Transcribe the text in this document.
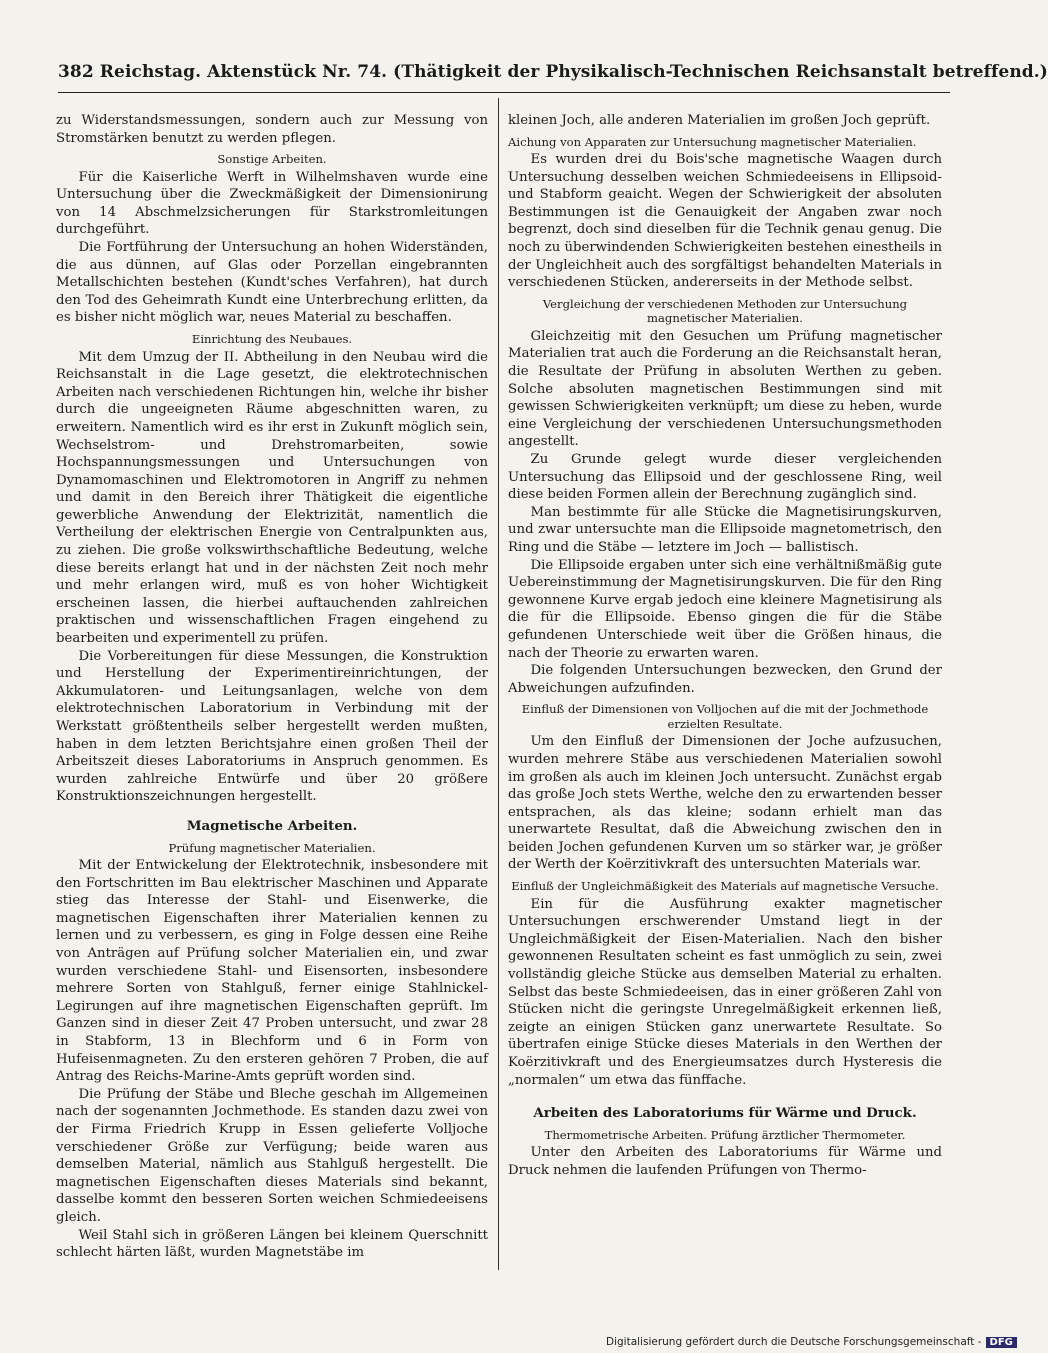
382 Reichstag. Aktenstück Nr. 74. (Thätigkeit der Physikalisch-Technischen Reichsanstalt betreffend.)

zu Widerstandsmessungen, sondern auch zur Messung von Stromstärken benutzt zu werden pflegen.

Sonstige Arbeiten.

Für die Kaiserliche Werft in Wilhelmshaven wurde eine Untersuchung über die Zweckmäßigkeit der Dimensionirung von 14 Abschmelzsicherungen für Starkstromleitungen durchgeführt.

Die Fortführung der Untersuchung an hohen Widerständen, die aus dünnen, auf Glas oder Porzellan eingebrannten Metallschichten bestehen (Kundt'sches Verfahren), hat durch den Tod des Geheimrath Kundt eine Unterbrechung erlitten, da es bisher nicht möglich war, neues Material zu beschaffen.

Einrichtung des Neubaues.

Mit dem Umzug der II. Abtheilung in den Neubau wird die Reichsanstalt in die Lage gesetzt, die elektrotechnischen Arbeiten nach verschiedenen Richtungen hin, welche ihr bisher durch die ungeeigneten Räume abgeschnitten waren, zu erweitern. Namentlich wird es ihr erst in Zukunft möglich sein, Wechselstrom- und Drehstromarbeiten, sowie Hochspannungsmessungen und Untersuchungen von Dynamomaschinen und Elektromotoren in Angriff zu nehmen und damit in den Bereich ihrer Thätigkeit die eigentliche gewerbliche Anwendung der Elektrizität, namentlich die Vertheilung der elektrischen Energie von Centralpunkten aus, zu ziehen. Die große volkswirthschaftliche Bedeutung, welche diese bereits erlangt hat und in der nächsten Zeit noch mehr und mehr erlangen wird, muß es von hoher Wichtigkeit erscheinen lassen, die hierbei auftauchenden zahlreichen praktischen und wissenschaftlichen Fragen eingehend zu bearbeiten und experimentell zu prüfen.

Die Vorbereitungen für diese Messungen, die Konstruktion und Herstellung der Experimentireinrichtungen, der Akkumulatoren- und Leitungsanlagen, welche von dem elektrotechnischen Laboratorium in Verbindung mit der Werkstatt größtentheils selber hergestellt werden mußten, haben in dem letzten Berichtsjahre einen großen Theil der Arbeitszeit dieses Laboratoriums in Anspruch genommen. Es wurden zahlreiche Entwürfe und über 20 größere Konstruktionszeichnungen hergestellt.

Magnetische Arbeiten.
Prüfung magnetischer Materialien.

Mit der Entwickelung der Elektrotechnik, insbesondere mit den Fortschritten im Bau elektrischer Maschinen und Apparate stieg das Interesse der Stahl- und Eisenwerke, die magnetischen Eigenschaften ihrer Materialien kennen zu lernen und zu verbessern, es ging in Folge dessen eine Reihe von Anträgen auf Prüfung solcher Materialien ein, und zwar wurden verschiedene Stahl- und Eisensorten, insbesondere mehrere Sorten von Stahlguß, ferner einige Stahlnickel-Legirungen auf ihre magnetischen Eigenschaften geprüft. Im Ganzen sind in dieser Zeit 47 Proben untersucht, und zwar 28 in Stabform, 13 in Blechform und 6 in Form von Hufeisenmagneten. Zu den ersteren gehören 7 Proben, die auf Antrag des Reichs-Marine-Amts geprüft worden sind.

Die Prüfung der Stäbe und Bleche geschah im Allgemeinen nach der sogenannten Jochmethode. Es standen dazu zwei von der Firma Friedrich Krupp in Essen gelieferte Volljoche verschiedener Größe zur Verfügung; beide waren aus demselben Material, nämlich aus Stahlguß hergestellt. Die magnetischen Eigenschaften dieses Materials sind bekannt, dasselbe kommt den besseren Sorten weichen Schmiedeeisens gleich.

Weil Stahl sich in größeren Längen bei kleinem Querschnitt schlecht härten läßt, wurden Magnetstäbe im

kleinen Joch, alle anderen Materialien im großen Joch geprüft.

Aichung von Apparaten zur Untersuchung magnetischer Materialien.

Es wurden drei du Bois'sche magnetische Waagen durch Untersuchung desselben weichen Schmiedeeisens in Ellipsoid- und Stabform geaicht. Wegen der Schwierigkeit der absoluten Bestimmungen ist die Genauigkeit der Angaben zwar noch begrenzt, doch sind dieselben für die Technik genau genug. Die noch zu überwindenden Schwierigkeiten bestehen einestheils in der Ungleichheit auch des sorgfältigst behandelten Materials in verschiedenen Stücken, andererseits in der Methode selbst.

Vergleichung der verschiedenen Methoden zur Untersuchung magnetischer Materialien.

Gleichzeitig mit den Gesuchen um Prüfung magnetischer Materialien trat auch die Forderung an die Reichsanstalt heran, die Resultate der Prüfung in absoluten Werthen zu geben. Solche absoluten magnetischen Bestimmungen sind mit gewissen Schwierigkeiten verknüpft; um diese zu heben, wurde eine Vergleichung der verschiedenen Untersuchungsmethoden angestellt.

Zu Grunde gelegt wurde dieser vergleichenden Untersuchung das Ellipsoid und der geschlossene Ring, weil diese beiden Formen allein der Berechnung zugänglich sind.

Man bestimmte für alle Stücke die Magnetisirungskurven, und zwar untersuchte man die Ellipsoide magnetometrisch, den Ring und die Stäbe — letztere im Joch — ballistisch.

Die Ellipsoide ergaben unter sich eine verhältnißmäßig gute Uebereinstimmung der Magnetisirungskurven. Die für den Ring gewonnene Kurve ergab jedoch eine kleinere Magnetisirung als die für die Ellipsoide. Ebenso gingen die für die Stäbe gefundenen Unterschiede weit über die Größen hinaus, die nach der Theorie zu erwarten waren.

Die folgenden Untersuchungen bezwecken, den Grund der Abweichungen aufzufinden.

Einfluß der Dimensionen von Volljochen auf die mit der Jochmethode erzielten Resultate.

Um den Einfluß der Dimensionen der Joche aufzusuchen, wurden mehrere Stäbe aus verschiedenen Materialien sowohl im großen als auch im kleinen Joch untersucht. Zunächst ergab das große Joch stets Werthe, welche den zu erwartenden besser entsprachen, als das kleine; sodann erhielt man das unerwartete Resultat, daß die Abweichung zwischen den in beiden Jochen gefundenen Kurven um so stärker war, je größer der Werth der Koërzitivkraft des untersuchten Materials war.

Einfluß der Ungleichmäßigkeit des Materials auf magnetische Versuche.

Ein für die Ausführung exakter magnetischer Untersuchungen erschwerender Umstand liegt in der Ungleichmäßigkeit der Eisen-Materialien. Nach den bisher gewonnenen Resultaten scheint es fast unmöglich zu sein, zwei vollständig gleiche Stücke aus demselben Material zu erhalten. Selbst das beste Schmiedeeisen, das in einer größeren Zahl von Stücken nicht die geringste Unregelmäßigkeit erkennen ließ, zeigte an einigen Stücken ganz unerwartete Resultate. So übertrafen einige Stücke dieses Materials in den Werthen der Koërzitivkraft und des Energieumsatzes durch Hysteresis die „normalen“ um etwa das fünffache.

Arbeiten des Laboratoriums für Wärme und Druck.
Thermometrische Arbeiten. Prüfung ärztlicher Thermometer.

Unter den Arbeiten des Laboratoriums für Wärme und Druck nehmen die laufenden Prüfungen von Thermo-

Digitalisierung gefördert durch die Deutsche Forschungsgemeinschaft - DFG
